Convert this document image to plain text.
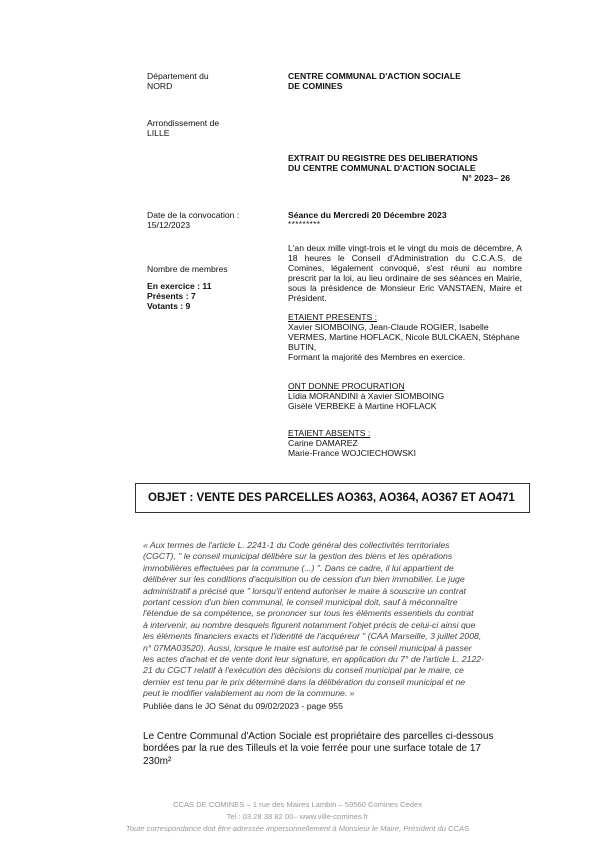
Département du
NORD
Arrondissement de
LILLE
Date de la convocation :
15/12/2023
Nombre de membres
En exercice : 11
Présents : 7
Votants : 9
CENTRE COMMUNAL D'ACTION SOCIALE
DE COMINES
EXTRAIT DU REGISTRE DES DELIBERATIONS
DU CENTRE COMMUNAL D'ACTION SOCIALE
N° 2023– 26
Séance du Mercredi 20 Décembre 2023
*********
L'an deux mille vingt-trois et le vingt du mois de décembre, A 18 heures le Conseil d'Administration du C.C.A.S. de Comines, légalement convoqué, s'est réuni au nombre prescrit par la loi, au lieu ordinaire de ses séances en Mairie, sous la présidence de Monsieur Eric VANSTAEN, Maire et Président.
ETAIENT PRESENTS :
Xavier SIOMBOING, Jean-Claude ROGIER, Isabelle
VERMES, Martine HOFLACK, Nicole BULCKAEN, Stéphane
BUTIN,
Formant la majorité des Membres en exercice.
ONT DONNE PROCURATION
Lïdia MORANDINI à Xavier SIOMBOING
Gisèle VERBEKE à Martine HOFLACK
ETAIENT ABSENTS :
Carine DAMAREZ
Marie-France WOJCIECHOWSKI
OBJET : VENTE DES PARCELLES AO363, AO364, AO367 ET AO471
« Aux termes de l'article L. 2241-1 du Code général des collectivités territoriales
(CGCT), " le conseil municipal délibère sur la gestion des biens et les opérations
immobilières effectuées par la commune (...) ". Dans ce cadre, il lui appartient de
délibérer sur les conditions d'acquisition ou de cession d'un bien immobilier. Le juge
administratif a précisé que " lorsqu'il entend autoriser le maire à souscrire un contrat
portant cession d'un bien communal, le conseil municipal doit, sauf à méconnaître
l'étendue de sa compétence, se prononcer sur tous les éléments essentiels du contrat
à intervenir, au nombre desquels figurent notamment l'objet précis de celui-ci ainsi que
les éléments financiers exacts et l'identité de l'acquéreur " (CAA Marseille, 3 juillet 2008,
n° 07MA03520). Aussi, lorsque le maire est autorisé par le conseil municipal à passer
les actes d'achat et de vente dont leur signature, en application du 7° de l'article L. 2122-
21 du CGCT relatif à l'exécution des décisions du conseil municipal par le maire, ce
dernier est tenu par le prix déterminé dans la délibération du conseil municipal et ne
peut le modifier valablement au nom de la commune. »
Publiée dans le JO Sénat du 09/02/2023 - page 955
Le Centre Communal d'Action Sociale est propriétaire des parcelles ci-dessous
bordées par la rue des Tilleuls et la voie ferrée pour une surface totale de 17
230m²
CCAS DE COMINES – 1 rue des Maires Lambin – 59560 Comines Cedex
Tel : 03 28 38 82 00– www.ville-comines.fr
Toute correspondance doit être adressée impersonnellement à Monsieur le Maire, Président du CCAS
